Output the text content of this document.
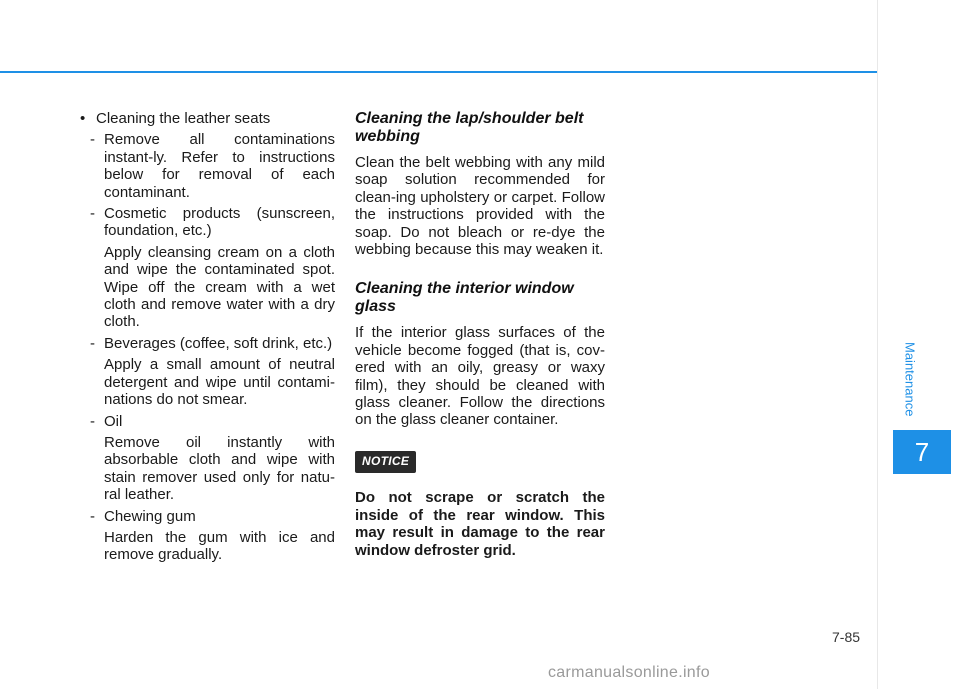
• Cleaning the leather seats
- Remove all contaminations instant-ly. Refer to instructions below for removal of each contaminant.
- Cosmetic products (sunscreen, foundation, etc.)
Apply cleansing cream on a cloth and wipe the contaminated spot. Wipe off the cream with a wet cloth and remove water with a dry cloth.
- Beverages (coffee, soft drink, etc.)
Apply a small amount of neutral detergent and wipe until contami-nations do not smear.
- Oil
Remove oil instantly with absorbable cloth and wipe with stain remover used only for natu-ral leather.
- Chewing gum
Harden the gum with ice and remove gradually.
Cleaning the lap/shoulder belt webbing
Clean the belt webbing with any mild soap solution recommended for clean-ing upholstery or carpet. Follow the instructions provided with the soap. Do not bleach or re-dye the webbing because this may weaken it.
Cleaning the interior window glass
If the interior glass surfaces of the vehicle become fogged (that is, cov-ered with an oily, greasy or waxy film), they should be cleaned with glass cleaner. Follow the directions on the glass cleaner container.
NOTICE
Do not scrape or scratch the inside of the rear window. This may result in damage to the rear window defroster grid.
Maintenance
7
7-85
carmanualsonline.info
